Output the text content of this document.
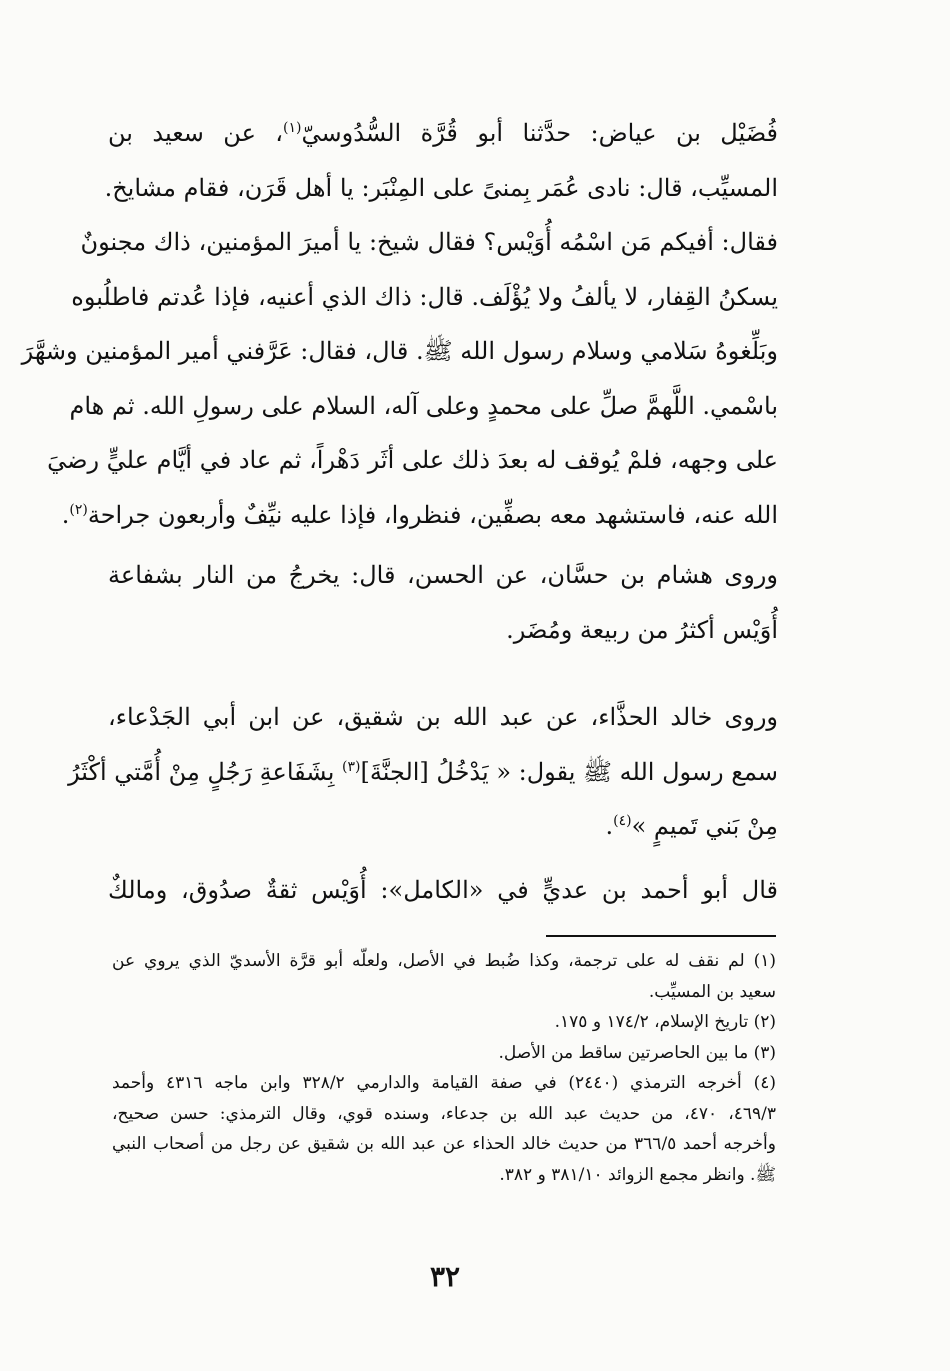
فُضَيْل بن عياض: حدَّثنا أبو قُرَّة السُّدُوسيّ$^{(١)}$، عن سعيد بن
المسيِّب، قال: نادى عُمَر بِمنىً على المِنْبَر: يا أهل قَرَن، فقام مشايخ.
فقال: أفيكم مَن اسْمُه أُوَيْس؟ فقال شيخ: يا أميرَ المؤمنين، ذاك مجنونٌ
يسكنُ القِفار، لا يألفُ ولا يُؤْلَف. قال: ذاك الذي أعنيه، فإذا عُدتم فاطلُبوه
وبَلِّغوهُ سَلامي وسلام رسول الله ﷺ. قال، فقال: عَرَّفني أمير المؤمنين وشهَّرَ
باسْمي. اللَّهمَّ صلِّ على محمدٍ وعلى آله، السلام على رسولِ الله. ثم هام
على وجهه، فلمْ يُوقف له بعدَ ذلك على أثَر دَهْراً، ثم عاد في أيَّام عليٍّ رضيَ
الله عنه، فاستشهد معه بصفِّين، فنظروا، فإذا عليه نيِّفٌ وأربعون جراحة$^{(٢)}$.

وروى هشام بن حسَّان، عن الحسن، قال: يخرجُ من النار بشفاعة
أُوَيْس أكثرُ من ربيعة ومُضَر.

وروى خالد الحذَّاء، عن عبد الله بن شقيق، عن ابن أبي الجَدْعاء،
سمع رسول الله ﷺ يقول: « يَدْخُلُ [الجنَّةَ]$^{(٣)}$ بِشَفَاعةِ رَجُلٍ مِنْ أُمَّتي أكْثَرُ
مِنْ بَني تَميمٍ »$^{(٤)}$.

قال أبو أحمد بن عديٍّ في «الكامل»: أُوَيْس ثقةٌ صدُوق، ومالكٌ

(١) لم نقف له على ترجمة، وكذا ضُبط في الأصل، ولعلّه أبو قرَّة الأسديّ الذي يروي عن
سعيد بن المسيِّب.
(٢) تاريخ الإسلام، ١٧٤/٢ و ١٧٥.
(٣) ما بين الحاصرتين ساقط من الأصل.
(٤) أخرجه الترمذي (٢٤٤٠) في صفة القيامة والدارمي ٣٢٨/٢ وابن ماجه ٤٣١٦ وأحمد
٤٦٩/٣، ٤٧٠، من حديث عبد الله بن جدعاء، وسنده قوي، وقال الترمذي: حسن صحيح،
وأخرجه أحمد ٣٦٦/٥ من حديث خالد الحذاء عن عبد الله بن شقيق عن رجل من أصحاب النبي
ﷺ. وانظر مجمع الزوائد ٣٨١/١٠ و ٣٨٢.
٣٢
